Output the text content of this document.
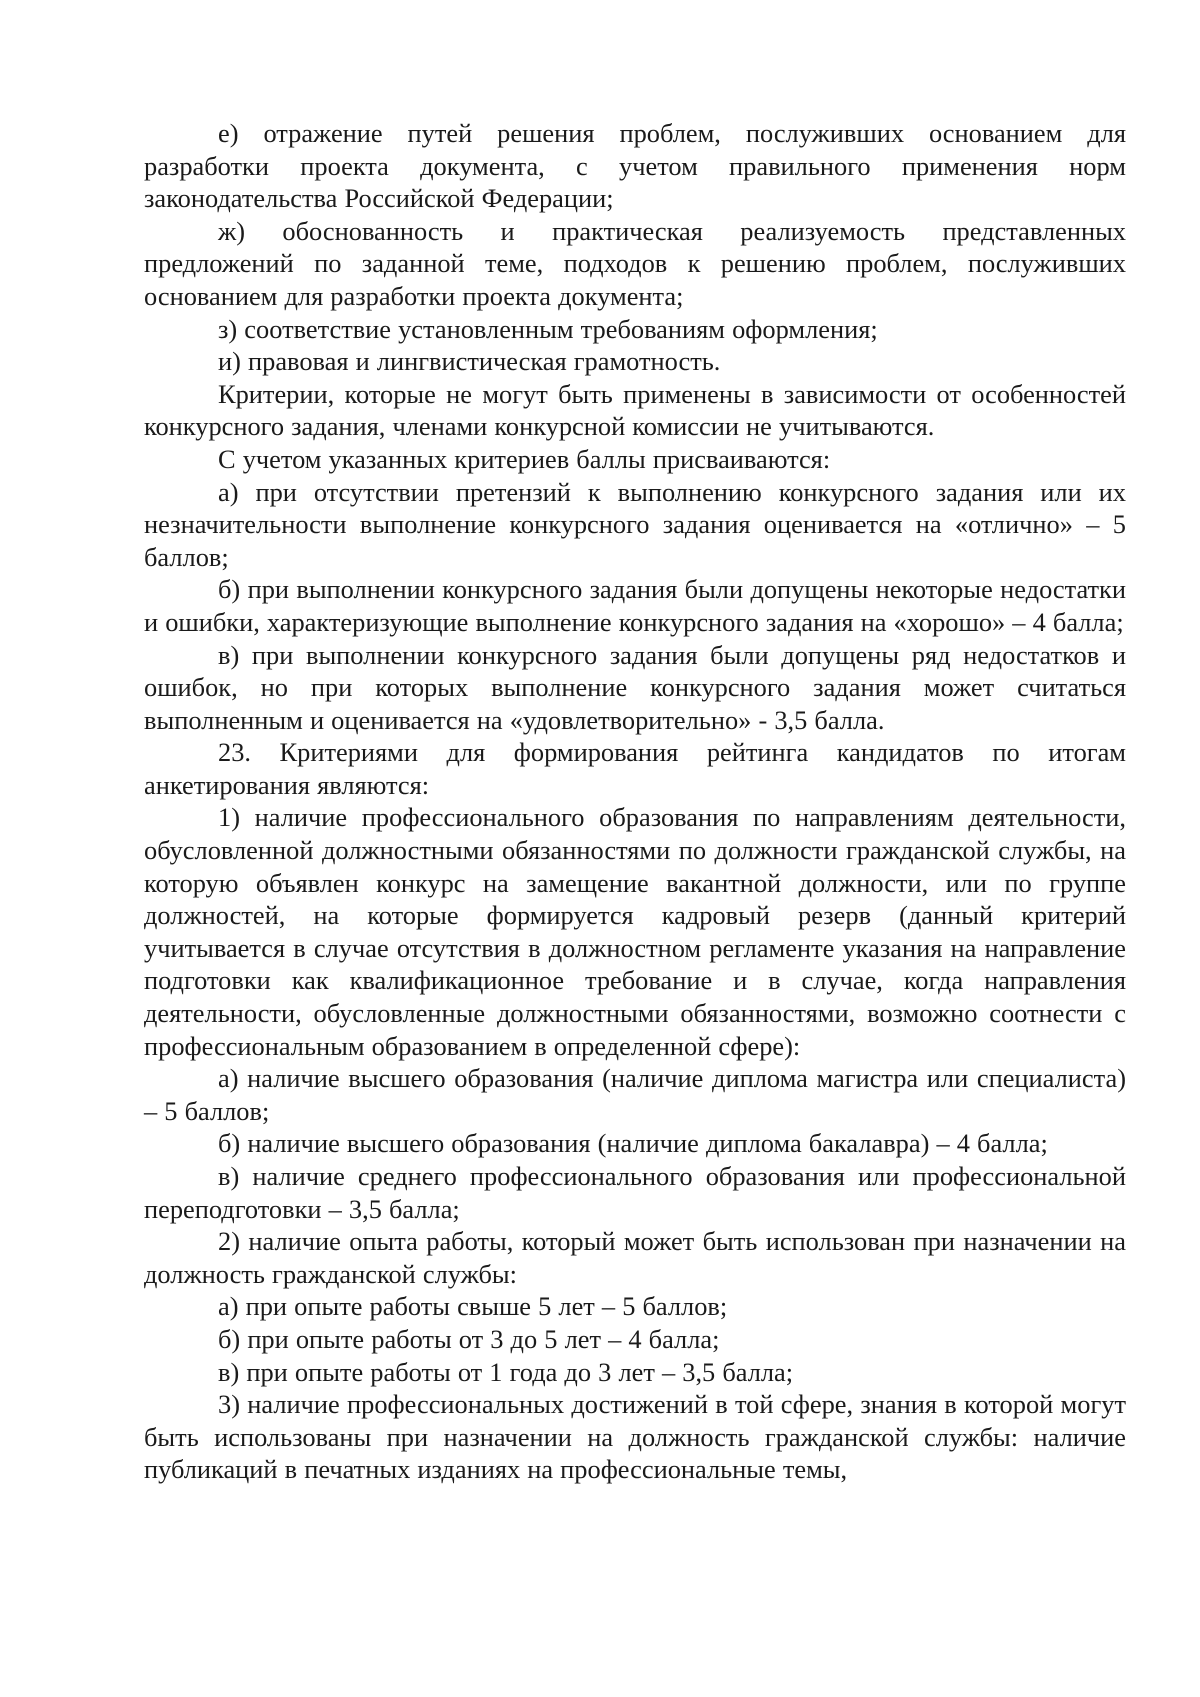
е) отражение путей решения проблем, послуживших основанием для разработки проекта документа, с учетом правильного применения норм законодательства Российской Федерации;

ж) обоснованность и практическая реализуемость представленных предложений по заданной теме, подходов к решению проблем, послуживших основанием для разработки проекта документа;

з) соответствие установленным требованиям оформления;

и) правовая и лингвистическая грамотность.

Критерии, которые не могут быть применены в зависимости от особенностей конкурсного задания, членами конкурсной комиссии не учитываются.

С учетом указанных критериев баллы присваиваются:

а) при отсутствии претензий к выполнению конкурсного задания или их незначительности выполнение конкурсного задания оценивается на «отлично» – 5 баллов;

б) при выполнении конкурсного задания были допущены некоторые недостатки и ошибки, характеризующие выполнение конкурсного задания на «хорошо» – 4 балла;

в) при выполнении конкурсного задания были допущены ряд недостатков и ошибок, но при которых выполнение конкурсного задания может считаться выполненным и оценивается на «удовлетворительно» - 3,5 балла.

23. Критериями для формирования рейтинга кандидатов по итогам анкетирования являются:

1) наличие профессионального образования по направлениям деятельности, обусловленной должностными обязанностями по должности гражданской службы, на которую объявлен конкурс на замещение вакантной должности, или по группе должностей, на которые формируется кадровый резерв (данный критерий учитывается в случае отсутствия в должностном регламенте указания на направление подготовки как квалификационное требование и в случае, когда направления деятельности, обусловленные должностными обязанностями, возможно соотнести с профессиональным образованием в определенной сфере):

а) наличие высшего образования (наличие диплома магистра или специалиста) – 5 баллов;

б) наличие высшего образования (наличие диплома бакалавра) – 4 балла;

в) наличие среднего профессионального образования или профессиональной переподготовки – 3,5 балла;

2) наличие опыта работы, который может быть использован при назначении на должность гражданской службы:

а) при опыте работы свыше 5 лет – 5 баллов;

б) при опыте работы от 3 до 5 лет – 4 балла;

в) при опыте работы от 1 года до 3 лет – 3,5 балла;

3) наличие профессиональных достижений в той сфере, знания в которой могут быть использованы при назначении на должность гражданской службы: наличие публикаций в печатных изданиях на профессиональные темы,
